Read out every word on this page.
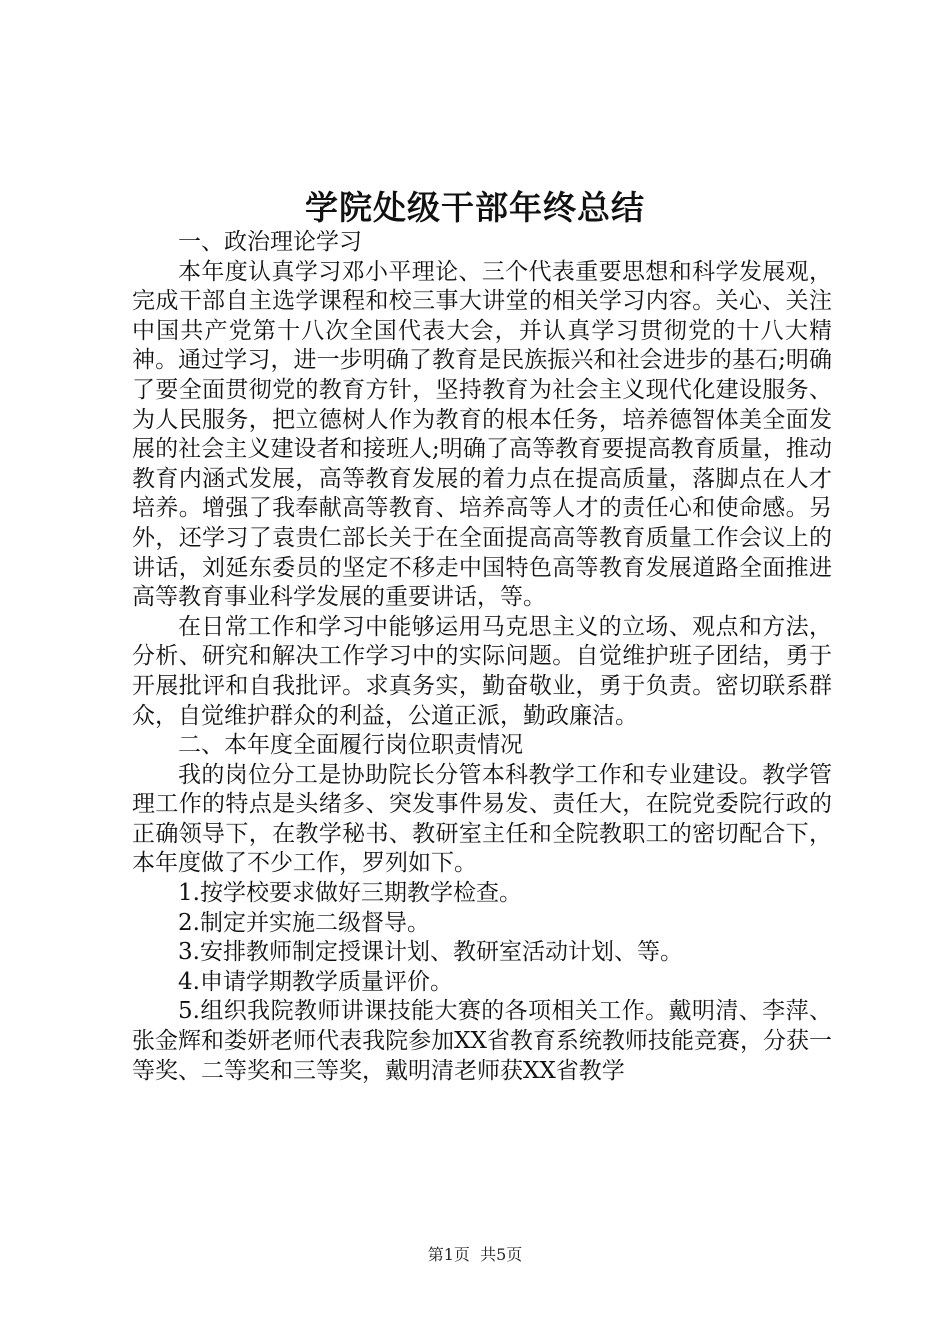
学院处级干部年终总结

一、政治理论学习

本年度认真学习邓小平理论、三个代表重要思想和科学发展观，完成干部自主选学课程和校三事大讲堂的相关学习内容。关心、关注中国共产党第十八次全国代表大会，并认真学习贯彻党的十八大精神。通过学习，进一步明确了教育是民族振兴和社会进步的基石;明确了要全面贯彻党的教育方针，坚持教育为社会主义现代化建设服务、为人民服务，把立德树人作为教育的根本任务，培养德智体美全面发展的社会主义建设者和接班人;明确了高等教育要提高教育质量，推动教育内涵式发展，高等教育发展的着力点在提高质量，落脚点在人才培养。增强了我奉献高等教育、培养高等人才的责任心和使命感。另外，还学习了袁贵仁部长关于在全面提高高等教育质量工作会议上的讲话，刘延东委员的坚定不移走中国特色高等教育发展道路全面推进高等教育事业科学发展的重要讲话，等。

在日常工作和学习中能够运用马克思主义的立场、观点和方法，分析、研究和解决工作学习中的实际问题。自觉维护班子团结，勇于开展批评和自我批评。求真务实，勤奋敬业，勇于负责。密切联系群众，自觉维护群众的利益，公道正派，勤政廉洁。

二、本年度全面履行岗位职责情况

我的岗位分工是协助院长分管本科教学工作和专业建设。教学管理工作的特点是头绪多、突发事件易发、责任大，在院党委院行政的正确领导下，在教学秘书、教研室主任和全院教职工的密切配合下，本年度做了不少工作，罗列如下。

1.按学校要求做好三期教学检查。

2.制定并实施二级督导。

3.安排教师制定授课计划、教研室活动计划、等。

4.申请学期教学质量评价。

5.组织我院教师讲课技能大赛的各项相关工作。戴明清、李萍、张金辉和娄妍老师代表我院参加XX省教育系统教师技能竞赛，分获一等奖、二等奖和三等奖，戴明清老师获XX省教学

第1页  共5页
